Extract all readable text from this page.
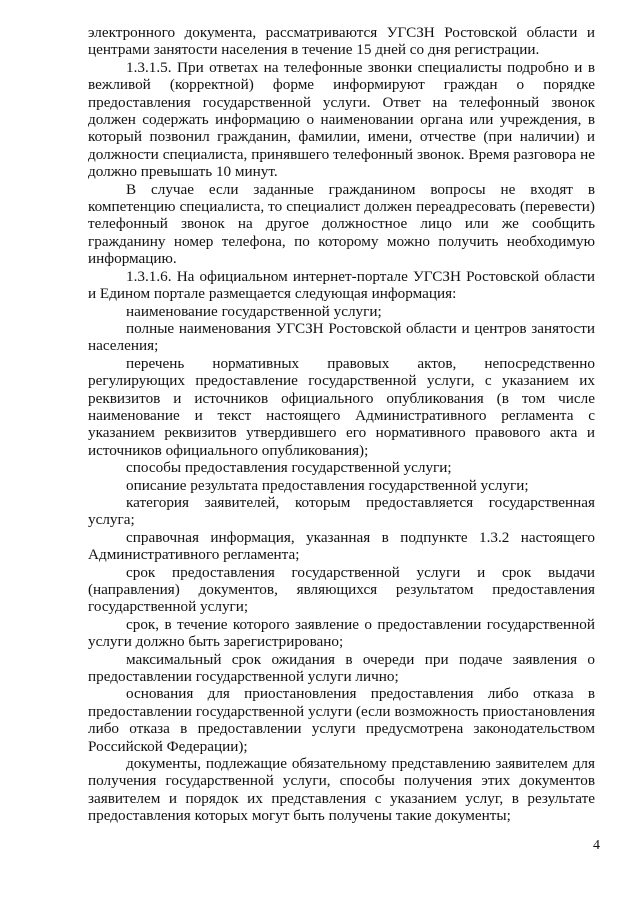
электронного документа, рассматриваются УГСЗН Ростовской области и центрами занятости населения в течение 15 дней со дня регистрации.

1.3.1.5. При ответах на телефонные звонки специалисты подробно и в вежливой (корректной) форме информируют граждан о порядке предоставления государственной услуги. Ответ на телефонный звонок должен содержать информацию о наименовании органа или учреждения, в который позвонил гражданин, фамилии, имени, отчестве (при наличии) и должности специалиста, принявшего телефонный звонок. Время разговора не должно превышать 10 минут.

В случае если заданные гражданином вопросы не входят в компетенцию специалиста, то специалист должен переадресовать (перевести) телефонный звонок на другое должностное лицо или же сообщить гражданину номер телефона, по которому можно получить необходимую информацию.

1.3.1.6. На официальном интернет-портале УГСЗН Ростовской области и Едином портале размещается следующая информация:

наименование государственной услуги;

полные наименования УГСЗН Ростовской области и центров занятости населения;

перечень нормативных правовых актов, непосредственно регулирующих предоставление государственной услуги, с указанием их реквизитов и источников официального опубликования (в том числе наименование и текст настоящего Административного регламента с указанием реквизитов утвердившего его нормативного правового акта и источников официального опубликования);

способы предоставления государственной услуги;

описание результата предоставления государственной услуги;

категория заявителей, которым предоставляется государственная услуга;

справочная информация, указанная в подпункте 1.3.2 настоящего Административного регламента;

срок предоставления государственной услуги и срок выдачи (направления) документов, являющихся результатом предоставления государственной услуги;

срок, в течение которого заявление о предоставлении государственной услуги должно быть зарегистрировано;

максимальный срок ожидания в очереди при подаче заявления о предоставлении государственной услуги лично;

основания для приостановления предоставления либо отказа в предоставлении государственной услуги (если возможность приостановления либо отказа в предоставлении услуги предусмотрена законодательством Российской Федерации);

документы, подлежащие обязательному представлению заявителем для получения государственной услуги, способы получения этих документов заявителем и порядок их представления с указанием услуг, в результате предоставления которых могут быть получены такие документы;

4
